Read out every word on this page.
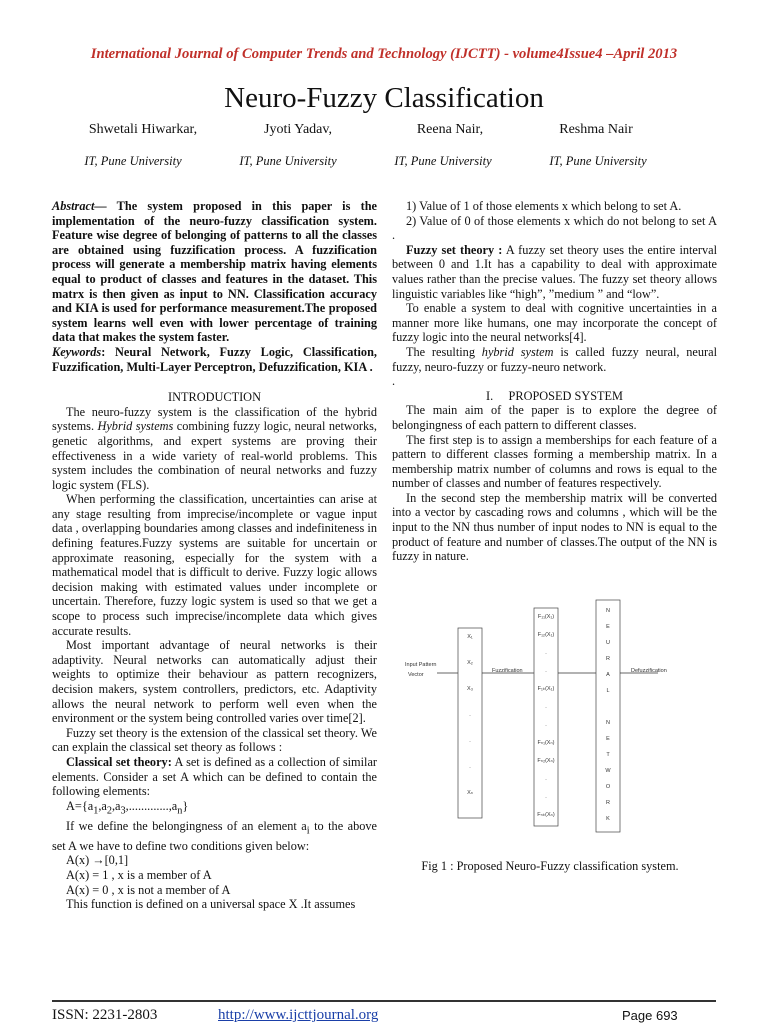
International Journal of Computer Trends and Technology (IJCTT) - volume4Issue4 –April 2013
Neuro-Fuzzy Classification
Shwetali Hiwarkar,	Jyoti Yadav,	Reena Nair,	Reshma Nair
IT, Pune University	IT, Pune University	IT, Pune University	IT, Pune University

Abstract— The system proposed in this paper is the implementation of the neuro-fuzzy classification system. Feature wise degree of belonging of patterns to all the classes are obtained using fuzzification process. A fuzzification process will generate a membership matrix having elements equal to product of classes and features in the dataset. This matrx is then given as input to NN. Classification accuracy and KIA is used for performance measurement.The proposed system learns well even with lower percentage of training data that makes the system faster.

Keywords: Neural Network, Fuzzy Logic, Classification, Fuzzification, Multi-Layer Perceptron, Defuzzification, KIA .

INTRODUCTION

The neuro-fuzzy system is the classification of the hybrid systems. Hybrid systems combining fuzzy logic, neural networks, genetic algorithms, and expert systems are proving their effectiveness in a wide variety of real-world problems. This system includes the combination of neural networks and fuzzy logic system (FLS).

When performing the classification, uncertainties can arise at any stage resulting from imprecise/incomplete or vague input data , overlapping boundaries among classes and indefiniteness in defining features.Fuzzy systems are suitable for uncertain or approximate reasoning, especially for the system with a mathematical model that is difficult to derive. Fuzzy logic allows decision making with estimated values under incomplete or uncertain. Therefore, fuzzy logic system is used so that we get a scope to process such imprecise/incomplete data which gives accurate results.

Most important advantage of neural networks is their adaptivity. Neural networks can automatically adjust their weights to optimize their behaviour as pattern recognizers, decision makers, system controllers, predictors, etc. Adaptivity allows the neural network to perform well even when the environment or the system being controlled varies over time[2].

Fuzzy set theory is the extension of the classical set theory. We can explain the classical set theory as follows :

Classical set theory: A set is defined as a collection of similar elements. Consider a set A which can be defined to contain the following elements:

$A=\{a_1,a_2,a_3,.............,a_n\}$

If we define the belongingness of an element $a_i$ to the above set A we have to define two conditions given below:

A(x) →[0,1]

A(x) = 1 , x is a member of A

A(x) = 0 , x is not a member of A

This function is defined on a universal space X .It assumes

1) Value of 1 of those elements x which belong to set A.

2) Value of 0 of those elements x which do not belong to set A .

Fuzzy set theory : A fuzzy set theory uses the entire interval between 0 and 1.It has a capability to deal with approximate values rather than the precise values. The fuzzy set theory allows linguistic variables like “high”, ”medium ” and “low”.

To enable a system to deal with cognitive uncertainties in a manner more like humans, one may incorporate the concept of fuzzy logic into the neural networks[4].

The resulting hybrid system is called fuzzy neural, neural fuzzy, neuro-fuzzy or fuzzy-neuro network.

.

I. PROPOSED SYSTEM

The main aim of the paper is to explore the degree of belongingness of each pattern to different classes.

The first step is to assign a memberships for each feature of a pattern to different classes forming a membership matrix. In a membership matrix number of columns and rows is equal to the number of classes and number of features respectively.

In the second step the membership matrix will be converted into a vector by cascading rows and columns , which will be the input to the NN thus number of input nodes to NN is equal to the product of feature and number of classes.The output of the NN is fuzzy in nature.

Input Pattern
Vector
X₁
X₂
X₃
.
.
.
Xₙ
Fuzzification
F₁₁(X₁)
F₁₂(X₁)
.
.
F₁ₖ(X₁)
.
.
Fₙ₁(Xₙ)
Fₙ₂(Xₙ)
.
.
Fₙₖ(Xₙ)
N
E
U
R
A
L
N
E
T
W
O
R
K
Defuzzification
Fig 1 : Proposed Neuro-Fuzzy classification system.
ISSN: 2231-2803	http://www.ijcttjournal.org	Page 693
